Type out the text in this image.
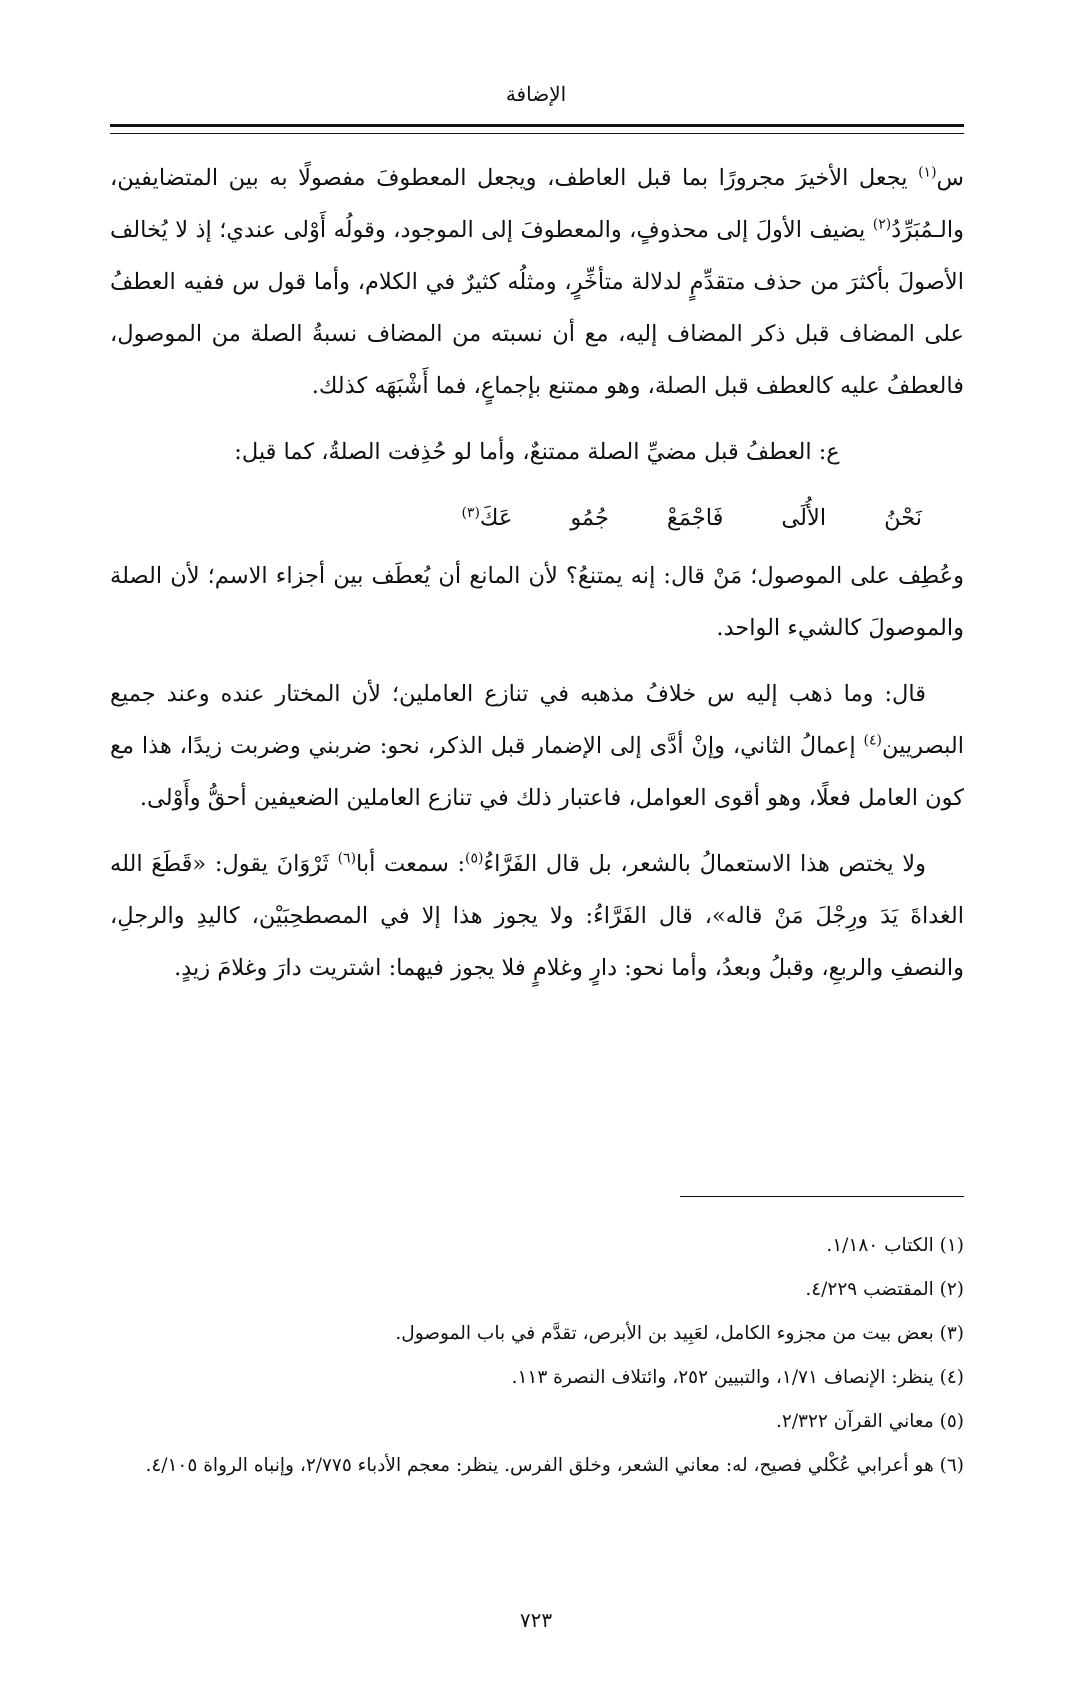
الإضافة

س$^{(١)}$ يجعل الأخيرَ مجرورًا بما قبل العاطف، ويجعل المعطوفَ مفصولًا به بين المتضايفين، والـمُبَرِّدُ$^{(٢)}$ يضيف الأولَ إلى محذوفٍ، والمعطوفَ إلى الموجود، وقولُه أَوْلى عندي؛ إذ لا يُخالف الأصولَ بأكثرَ من حذف متقدِّمٍ لدلالة متأخِّرٍ، ومثلُه كثيرٌ في الكلام، وأما قول س ففيه العطفُ على المضاف قبل ذكر المضاف إليه، مع أن نسبته من المضاف نسبةُ الصلة من الموصول، فالعطفُ عليه كالعطف قبل الصلة، وهو ممتنع بإجماعٍ، فما أَشْبَهَه كذلك.

ع: العطفُ قبل مضيِّ الصلة ممتنعٌ، وأما لو حُذِفت الصلةُ، كما قيل:

نَحْنُ
الأُلَى
فَاجْمَعْ
جُمُو
عَكَ(٣)

وعُطِف على الموصول؛ مَنْ قال: إنه يمتنعُ؟ لأن المانع أن يُعطَف بين أجزاء الاسم؛ لأن الصلة والموصولَ كالشيء الواحد.

قال: وما ذهب إليه س خلافُ مذهبه في تنازع العاملين؛ لأن المختار عنده وعند جميع البصريين$^{(٤)}$ إعمالُ الثاني، وإنْ أدَّى إلى الإضمار قبل الذكر، نحو: ضربني وضربت زيدًا، هذا مع كون العامل فعلًا، وهو أقوى العوامل، فاعتبار ذلك في تنازع العاملين الضعيفين أحقُّ وأَوْلى.

ولا يختص هذا الاستعمالُ بالشعر، بل قال الفَرَّاءُ$^{(٥)}$: سمعت أبا$^{(٦)}$ ثَرْوَانَ يقول: «قَطَعَ الله الغداةَ يَدَ ورِجْلَ مَنْ قاله»، قال الفَرَّاءُ: ولا يجوز هذا إلا في المصطحِبَيْن، كاليدِ والرجلِ، والنصفِ والربعِ، وقبلُ وبعدُ، وأما نحو: دارٍ وغلامٍ فلا يجوز فيهما: اشتريت دارَ وغلامَ زيدٍ.

(١) الكتاب ١/١٨٠.

(٢) المقتضب ٤/٢٢٩.

(٣) بعض بيت من مجزوء الكامل، لعَبِيد بن الأبرص، تقدَّم في باب الموصول.

(٤) ينظر: الإنصاف ١/٧١، والتبيين ٢٥٢، وائتلاف النصرة ١١٣.

(٥) معاني القرآن ٢/٣٢٢.

(٦) هو أعرابي عُكْلي فصيح، له: معاني الشعر، وخلق الفرس. ينظر: معجم الأدباء ٢/٧٧٥، وإنباه الرواة ٤/١٠٥.

٧٢٣
